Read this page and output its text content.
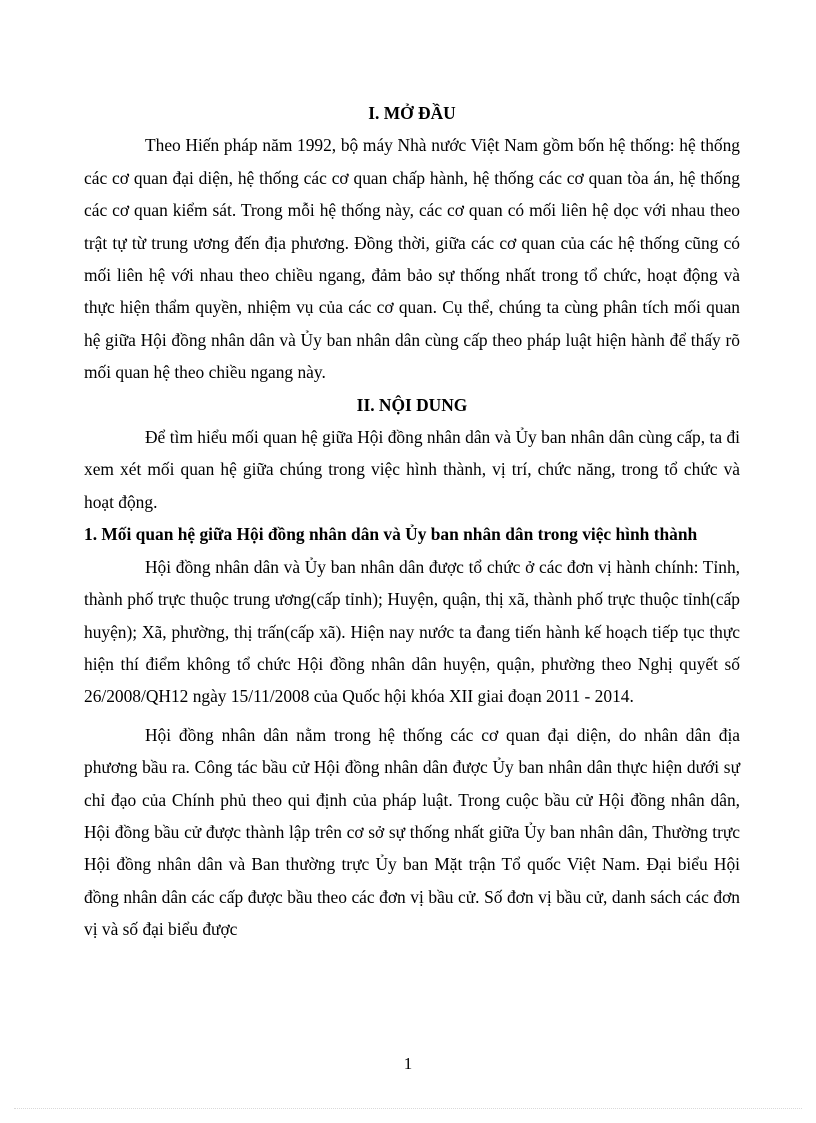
I. MỞ ĐẦU

Theo Hiến pháp năm 1992, bộ máy Nhà nước Việt Nam gồm bốn hệ thống: hệ thống các cơ quan đại diện, hệ thống các cơ quan chấp hành, hệ thống các cơ quan tòa án, hệ thống các cơ quan kiểm sát. Trong mỗi hệ thống này, các cơ quan có mối liên hệ dọc với nhau theo trật tự từ trung ương đến địa phương. Đồng thời, giữa các cơ quan của các hệ thống cũng có mối liên hệ với nhau theo chiều ngang, đảm bảo sự thống nhất trong tổ chức, hoạt động và thực hiện thẩm quyền, nhiệm vụ của các cơ quan. Cụ thể, chúng ta cùng phân tích mối quan hệ giữa Hội đồng nhân dân và Ủy ban nhân dân cùng cấp theo pháp luật hiện hành để thấy rõ mối quan hệ theo chiều ngang này.

II. NỘI DUNG

Để tìm hiểu mối quan hệ giữa Hội đồng nhân dân và Ủy ban nhân dân cùng cấp, ta đi xem xét mối quan hệ giữa chúng trong việc hình thành, vị trí, chức năng, trong tổ chức và hoạt động.

1. Mối quan hệ giữa Hội đồng nhân dân và Ủy ban nhân dân trong việc hình thành

Hội đồng nhân dân và Ủy ban nhân dân được tổ chức ở các đơn vị hành chính: Tỉnh, thành phố trực thuộc trung ương(cấp tỉnh); Huyện, quận, thị xã, thành phố trực thuộc tỉnh(cấp huyện); Xã, phường, thị trấn(cấp xã). Hiện nay nước ta đang tiến hành kế hoạch tiếp tục thực hiện thí điểm không tổ chức Hội đồng nhân dân huyện, quận, phường theo Nghị quyết số 26/2008/QH12 ngày 15/11/2008 của Quốc hội khóa XII giai đoạn 2011 - 2014.

Hội đồng nhân dân nằm trong hệ thống các cơ quan đại diện, do nhân dân địa phương bầu ra. Công tác bầu cử Hội đồng nhân dân được Ủy ban nhân dân thực hiện dưới sự chỉ đạo của Chính phủ theo qui định của pháp luật. Trong cuộc bầu cử Hội đồng nhân dân, Hội đồng bầu cử được thành lập trên cơ sở sự thống nhất giữa Ủy ban nhân dân, Thường trực Hội đồng nhân dân và Ban thường trực Ủy ban Mặt trận Tổ quốc Việt Nam. Đại biểu Hội đồng nhân dân các cấp được bầu theo các đơn vị bầu cử. Số đơn vị bầu cử, danh sách các đơn vị và số đại biểu được

1
